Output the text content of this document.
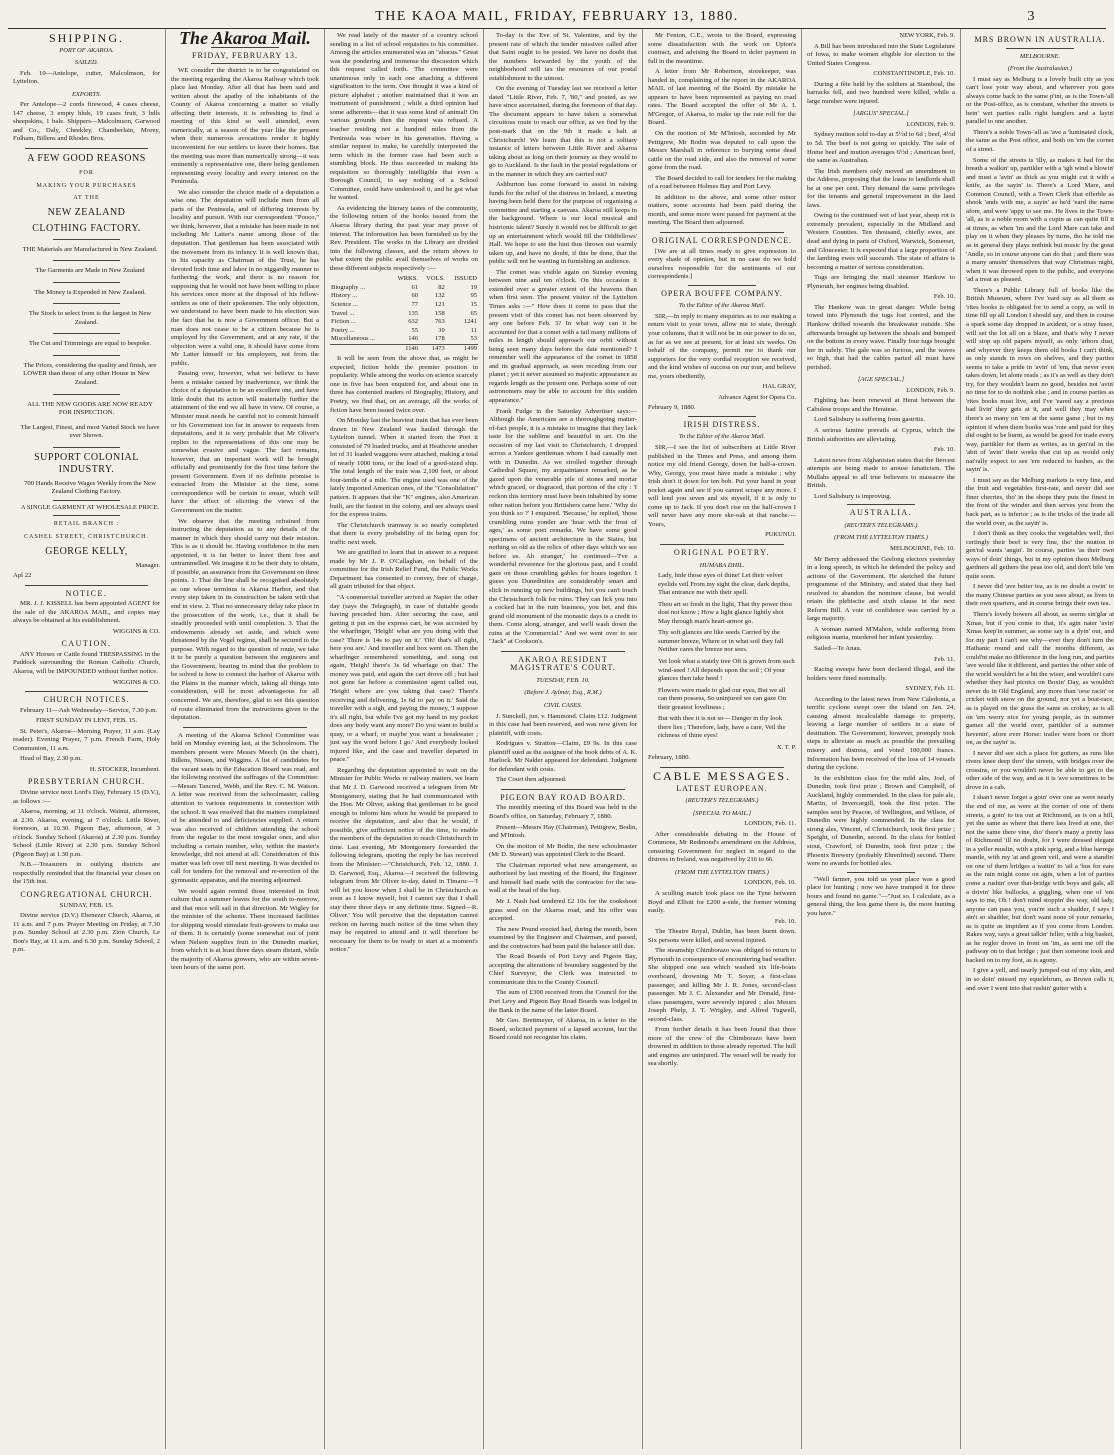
THE KAOA MAIL, FRIDAY, FEBRUARY 13, 1880.	3
SHIPPING.
PORT OF AKAROA.
SAILED.

Feb. 10—Antelope, cutter, Malcolmson, for Lyttelton.

EXPORTS.

Per Antelope—2 cords firewood, 4 cases cheese, 147 cheese, 3 empty hhds, 19 cases fruit, 3 bdls sheepskins, 1 bale. Shippers—Malcolmson, Garwood and Co., Daly, Cheekley, Chamberlain, Morey, Fulham, Billens and Rhodes Bros.

A FEW GOOD REASONS
FOR
MAKING YOUR PURCHASES
AT THE
NEW ZEALAND
CLOTHING FACTORY.

THE Materials are Manufactured in New Zealand.

The Garments are Made in New Zealand

The Money is Expended in New Zealand.

The Stock to select from is the largest in New Zealand.

The Cut and Trimmings are equal to bespoke.

The Prices, considering the quality and finish, are LOWER than those of any other House in New Zealand.

ALL THE NEW GOODS ARE NOW READY FOR INSPECTION.

The Largest, Finest, and most Varied Stock we have ever Shown.

SUPPORT COLONIAL INDUSTRY.

700 Hands Receive Wages Weekly from the New Zealand Clothing Factory.

A SINGLE GARMENT AT WHOLESALE PRICE.

RETAIL BRANCH :
CASHEL STREET, CHRISTCHURCH.
GEORGE KELLY,

Manager.

Apl 22

NOTICE.

MR. J. J. KISSELL has been appointed AGENT for the sale of the AKAROA MAIL, and copies may always be obtained at his establishment.

WIGGINS & CO.

CAUTION.

ANY Horses or Cattle found TRESPASSING in the Paddock surrounding the Roman Catholic Church, Akaroa, will be IMPOUNDED without further notice.

WIGGINS & CO.

CHURCH NOTICES.

February 11—Ash Wednesday—Service, 7.30 p.m.

FIRST SUNDAY IN LENT, FEB. 15.

St. Peter's, Akaroa—Morning Prayer, 11 a.m. (Lay reader). Evening Prayer, 7 p.m. French Farm, Holy Communion, 11 a.m.

Head of Bay, 2.30 p.m.

H. STOCKER, Incumbent.

PRESBYTERIAN CHURCH.

Divine service next Lord's Day, February 15 (D.V.), as follows :—

Akaroa, morning, at 11 o'clock. Wainui, afternoon, at 2.30. Akaroa, evening, at 7 o'clock. Little River, forenoon, at 10.30. Pigeon Bay, afternoon, at 3 o'clock. Sunday School (Akaroa) at 2.30 p.m. Sunday School (Little River) at 2.30 p.m. Sunday School (Pigeon Bay) at 1.30 p.m.

N.B.—Treasurers in outlying districts are respectfully reminded that the financial year closes on the 15th inst.

CONGREGATIONAL CHURCH.

SUNDAY, FEB. 15.

Divine service (D.V.) Ebenezer Church, Akaroa, at 11 a.m. and 7 p.m. Prayer Meeting on Friday, at 7.30 p.m. Sunday School at 2.30 p.m. Zion Church, Le Bon's Bay, at 11 a.m. and 6.30 p.m. Sunday School, 2 p.m.

The Akaroa Mail.
FRIDAY, FEBRUARY 13.

WE consider the district is to be congratulated on the meeting regarding the Akaroa Railway which took place last Monday. After all that has been said and written about the apathy of the inhabitants of the County of Akaroa concerning a matter so vitally affecting their interests, it is refreshing to find a meeting of this kind so well attended, even numerically, at a season of the year like the present when their numerous avocations render it highly inconvenient for our settlers to leave their homes. But the meeting was more than numerically strong—it was eminently a representative one, there being gentlemen representing every locality and every interest on the Peninsula.

We also consider the choice made of a deputation a wise one. The deputation will include men from all parts of the Peninsula, and of differing interests by locality and pursuit. With our correspondent "Pooco," we think, however, that a mistake has been made in not including Mr Latter's name among those of the deputation. That gentleman has been associated with the movement from its infancy. It is well known that, in his capacity as Chairman of the Trust, he has devoted both time and labor in no niggardly manner to furthering the work, and there is no reason for supposing that he would not have been willing to place his services once more at the disposal of his fellow-settlers as one of their spokesmen. The only objection, we understand to have been made to his election was the fact that he is now a Government officer. But a man does not cease to be a citizen because he is employed by the Government, and at any rate, if the objection were a valid one, it should have come from Mr Latter himself or his employers, not from the public.

Passing over, however, what we believe to have been a mistake caused by inadvertence, we think the choice of a deputation to be an excellent one, and have little doubt that its action will materially further the attainment of the end we all have in view. Of course, a Minister must needs be careful not to commit himself or his Government too far in answer to requests from deputations, and it is very probable that Mr Oliver's replies to the representations of this one may be somewhat evasive and vague. The fact remains, however, that an important work will be brought officially and prominently for the first time before the present Government. Even if no definite promise is extracted from the Minister at the time, some correspondence will be certain to ensue, which will have the effect of eliciting the views of the Government on the matter.

We observe that the meeting refrained from instructing the deputation as to any details of the manner in which they should carry out their mission. This is as it should be. Having confidence in the men appointed, it is far better to leave them free and untrammelled. We imagine it to be their duty to obtain, if possible, an assurance from the Government on three points. 1. That the line shall be recognised absolutely as one whose terminus is Akaroa Harbor, and that every step taken in its construction be taken with that end in view. 2. That no unnecessary delay take place in the prosecution of the work, i.e., that it shall be steadily proceeded with until completion. 3. That the endowments already set aside, and which were threatened by the Vogel regime, shall be secured to the purpose. With regard to the question of route, we take it to be purely a question between the engineers and the Government, bearing in mind that the problem to be solved is how to connect the harbor of Akaroa with the Plains in the manner which, taking all things into consideration, will be most advantageous for all concerned. We are, therefore, glad to see this question of route eliminated from the instructions given to the deputation.

A meeting of the Akaroa School Committee was held on Monday evening last, at the Schoolroom. The members present were Messrs Meech (in the chair), Billens, Nissen, and Wiggins. A list of candidates for the vacant seats in the Education Board was read, and the following received the suffrages of the Committee:—Messrs Tancred, Webb, and the Rev. C. M. Watson. A letter was received from the schoolmaster, calling attention to various requirements in connection with the school. It was resolved that the matters complained of be attended to and deficiencies supplied. A return was also received of children attending the school from the regular to the most irregular ones, and also including a certain number, who, within the master's knowledge, did not attend at all. Consideration of this matter was left over till next meeting. It was decided to call for tenders for the removal and re-erection of the gymnastic apparatus, and the meeting adjourned.

We would again remind those interested in fruit culture that a summer leaves for the south to-morrow, and that once will sail in that direction. Mr Wigley for the minister of the scheme. There increased facilities for shipping would stimulate fruit-growers to make use of them. It is certainly (some somewhat out of joint when Nelson supplies fruit to the Dunedin market, from which it is at least three days steam distant, while the majority of Akaroa growers, who are within seven-teen hours of the same port.

We read lately of the master of a country school sending in a list of school requisites to his committee. Among the articles enumerated was an "abacus." Great was the pondering and immense the discussion which this request called forth. The committee were unanimous only in each one attaching a different signification to the term. One thought it was a kind of picture alphabet ; another maintained that it was an instrument of punishment ; while a third opinion had some adherents—that it was some kind of animal! On various grounds then the request was refused. A teacher residing not a hundred miles from the Peninsula was wiser in his generation. Having a similar request to make, he carefully interpreted the term which in the former case had been such a stumbling block. He thus succeeded in making his requisition so thoroughly intelligible that even a Borough Council, to say nothing of a School Committee, could have understood it, and he got what he wanted.

As evidencing the literary tastes of the community, the following return of the books issued from the Akaroa library during the past year may prove of interest. The information has been furnished us by the Rev. President. The works in the Library are divided into the following classes, and the return shows to what extent the public avail themselves of works on these different subjects respectively :—

	WRKS.	VOLS.	ISSUED
Biography ...	61	82	19
History ...	60	132	95
Science ...	77	121	15
Travel ...	135	158	65
Fiction ...	632	763	1241
Poetry ...	55	39	11
Miscellaneous ...	146	178	53
	1146	1473	1499

It will be seen from the above that, as might be expected, fiction holds the premier position in popularity. While among the works on science scarcely one in five has been enquired for, and about one in three has contented readers of Biography, History, and Poetry, we find that, on an average, all the works of fiction have been issued twice over.

On Monday last the heaviest train that has ever been drawn in New Zealand was hauled through the Lyttelton tunnel. When it started from the Port it consisted of 79 loaded trucks, and at Heathcote another lot of 31 loaded waggons were attached, making a total of nearly 1000 tons, or the load of a good-sized ship. The total length of the train was 2,100 feet, or about four-tenths of a mile. The engine used was one of the lately imported American ones, of the "Consolidation" pattern. It appears that the "K" engines, also American built, are the fastest in the colony, and are always used for the express trains.

The Christchurch tramway is so nearly completed that there is every probability of its being open for traffic next week.

We are gratified to learn that in answer to a request made by Mr J. P. O'Callaghan, on behalf of the committee for the Irish Relief Fund, the Public Works Department has consented to convey, free of charge, all grain tributed for that object.

"A commercial traveller arrived at Napier the other day (says the Telegraph), in case of dutiable goods having preceded him. After securing the case, and getting it put on the express cart, he was accosted by the wharfinger, 'Heigh! what are you doing with that case? There is 14s to pay on it.' 'Oh! that's all right, here you are.' And traveller and box went on. Then the wharfinger remembered something, and sung out again, 'Heigh! there's 3s 6d wharfage on that.' The money was paid, and again the cart drove off ; but had not gone far before a commission agent called out, 'Heigh! where are you taking that case? There's receiving and delivering, 1s 6d to pay on it.' Said the traveller with a sigh, and paying the money, 'I suppose it's all right, but while I've got my hand in my pocket does any body want any more? Do you want to build a quay, or a wharf, or maybe you want a breakwater ; just say the word before I go.' And everybody looked injured like, and the case and traveller departed in peace."

Regarding the deputation appointed to wait on the Minister for Public Works re railway matters, we learn that Mr J. D. Garwood received a telegram from Mr Montgomery, stating that he had communicated with the Hon. Mr Oliver, asking that gentleman to be good enough to inform him when he would be prepared to receive the deputation, and also that he would, if possible, give sufficient notice of the time, to enable the members of the deputation to reach Christchurch in time. Last evening, Mr Montgomery forwarded the following telegram, quoting the reply he has received from the Minister:—"Christchurch, Feb. 12, 1880. J. D. Garwood, Esq., Akaroa.—I received the following telegram from Mr Oliver to-day, dated in Timaru:—'I will let you know when I shall be in Christchurch as soon as I know myself, but I cannot say that I shall stay there three days or any definite time. Signed—R. Oliver.' You will perceive that the deputation cannot reckon on having much notice of the time when they may be required to attend and it will therefore be necessary for them to be ready to start at a moment's notice."

To-day is the Eve of St. Valentine, and by the present rate of which the tender missives called after that Saint ought to be posted. We have no doubt that the numbers forwarded by the youth of the neighborhood will tax the resources of our postal establishment to the utmost.

On the evening of Tuesday last we received a letter dated "Little River, Feb. 7, '80," and posted, as we have since ascertained, during the forenoon of that day. The document appears to have taken a somewhat circuitous route to reach our office, as we find by the post-mark that on the 9th it made a halt at Christchurch! We learn that this is not a solitary instance of letters between Little River and Akaroa taking about as long on their journey as they would to go to Auckland. Is the fault in the postal regulations or in the manner in which they are carried out?

Ashburton has come forward to assist in raising funds for the relief of the distress in Ireland, a meeting having been held there for the purpose of organising a committee and starting a canvass. Akaroa still keeps in the background. Where is our local musical and histrionic talent? Surely it would not be difficult to get up an entertainment which would fill the Oddfellows' Hall. We hope to see the hint thus thrown out warmly taken up, and have no doubt, if this be done, that the public will not be wanting in furnishing an audience.

The comet was visible again on Sunday evening between nine and ten o'clock. On this occasion it extended over a greater extent of the heavens than when first seen. The present visitor of the Lyttelton Times asks :—" How does it come to pass that the present visit of this comet has not been observed by any one before Feb. 3? In what way can it be accounted for that a comet with a tail many millions of miles in length should approach our orbit without being seen many days before the date mentioned? I remember well the appearance of the comet in 1858 and its gradual approach, as seen receding from our planet ; yet it never assumed so majestic appearance as regards length as the present one. Perhaps some of our astronomers may be able to account for this sudden appearance."

Frank Fudge in the Saturday Advertiser says:—Although the Americans are a thoroughgoing matter-of-fact people, it is a mistake to imagine that they lack taste for the sublime and beautiful in art. On the occasion of my last visit to Christchurch, I dropped across a Yankee gentleman whom I had casually met with in Dunedin. As we strolled together through Cathedral Square, my acquaintance remarked, as he gazed upon the venerable pile of stones and mortar which graced, or disgraced, that portion of the city : 'I reckon this territory must have been inhabited by some other nation before you Britishers came here.' 'Why do you think so ?' I enquired. 'Because,' he replied, 'those crumbling ruins yonder are 'hoar with the frost of ages,' as some poet remarks. We have some good specimens of ancient architecture in the States, but nothing so old as the relics of other days which we see before us. Ah stranger,' he continued—'I've a wonderful reverence for the glorious past, and I could gaze on those crumbling gables for hours together. I guess you Dunedinites are considerably smart and slick in running up new buildings, but you can't touch the Christchurch folk for ruins. They can lick you into a cocked hat in the ruin business, you bet, and this grand old monument of the monastic days is a credit to them. Come along, stranger, and we'll wash down the ruins at the 'Commercial.'' And we went over to see "Jack" at Cookson's.

AKAROA RESIDENT MAGISTRATE'S COURT.
TUESDAY, FEB. 10.
(Before J. Aylmer, Esq., R.M.)
CIVIL CASES.

J. Sunckell, jun. v. Hammond. Claim £12. Judgment in this case had been reserved, and was now given for plaintiff, with costs.

Rodrigues v. Stratton—Claim, £9 9s. In this case plaintiff sued as the assignee of the book debts of A. K. Harlock. Mr Nalder appeared for defendant. Judgment for defendant with costs.

The Court then adjourned.

PIGEON BAY ROAD BOARD.

The monthly meeting of this Board was held in the Board's office, on Saturday, February 7, 1880.

Present—Messrs Hay (Chairman), Pettigrew, Bodin, and M'Intosh.

On the motion of Mr Bodin, the new schoolmaster (Mr D. Stewart) was appointed Clerk to the Board.

The Chairman reported what new arrangement, as authorised by last meeting of the Board, the Engineer and himself had made with the contractor for the sea-wall at the head of the bay.

Mr J. Nash had tendered £2 10s for the cookshoot grass seed on the Akaroa road, and his offer was accepted.

The new Pound erected had, during the month, been examined by the Engineer and Chairman, and passed, and the contractors had been paid the balance still due.

The Road Boards of Port Levy and Pigeon Bay, accepting the alterations of boundary suggested by the Chief Surveyor, the Clerk was instructed to communicate this to the County Council.

The sum of £300 received from the Council for the Port Levy and Pigeon Bay Road Boards was lodged in the Bank in the name of the latter Board.

Mr Geo. Brettmeyer, of Akaroa, in a letter to the Board, solicited payment of a lapsed account, but the Board could not recognise his claim.

Mr Fenton, C.E., wrote to the Board, expressing some dissatisfaction with the work on Upton's contract, and advising the Board to defer payment in full in the meantime.

A letter from Mr Robertson, storekeeper, was handed in, complaining of the report in the AKAROA MAIL of last meeting of the Board. By mistake he appears to have been represented as paying no road rates. The Board accepted the offer of Mr A. I. M'Gregor, of Akaroa, to make up the rate roll for the Board.

On the motion of Mr M'Intosh, seconded by Mr Pettigrew, Mr Bodin was deputed to call upon the Messrs Marshall in reference to burying some dead cattle on the road side, and also the removal of some gorse from the road.

The Board decided to call for tenders for the making of a road between Holmes Bay and Port Levy.

In addition to the above, and some other minor matters, some accounts had been paid during the month, and some more were passed for payment at the meeting. The Board then adjourned.

ORIGINAL CORRESPONDENCE.

[We are at all times ready to give expression to every shade of opinion, but in no case do we hold ourselves responsible for the sentiments of our correspondents.]

OPERA BOUFFE COMPANY.
To the Editor of the Akaroa Mail.

SIR,—In reply to many enquiries as to our making a return visit to your town, allow me to state, through your columns, that it will not be in our power to do so, as far as we see at present, for at least six weeks. On behalf of the company, permit me to thank our supporters for the very cordial reception we received, and the kind wishes of success on our tour, and believe me, yours obediently,

HAL GRAY,

Advance Agent for Opera Co.

February 9, 1880.

IRISH DISTRESS.
To the Editor of the Akaroa Mail.

SIR,—I see the list of subscribers at Little River published in the Times and Press, and among them notice my old friend Georgy, down for half-a-crown. Why, Georgy, you must have made a mistake ; why Irish don't it down for ten bob. Put your hand in your pocket again and see if you cannot scrape any more. I will lend you seven and six myself, if it is only to come up to Jack. If you don't rise on the half-crown I will never have any more ske-oak at that ranche.—Yours,

PUKUNUI.

ORIGINAL POETRY.
HUMABA DHIL.

Lady, hide those eyes of thine! Let their velvet eyelids veil From my sight the clear, dark depths, That entrance me with their spell.

Thou art so fresh in the light, That thy power thou dost not know ; How a light glance lightly shot May through man's heart-armor go.

Thy soft glances are like seeds Carried by the summer breeze, Where or in what soil they fall Neither cares the breeze nor sees.

Yet look what a stately tree Oft is grown from such wind-seed ! All depends upon the soil ; Of your glances then take heed !

Flowers were made to glad our eyes, But we all can them possess, So uninjured we can gaze On their greatest loveliness ;

But with thee it is not so— Danger in thy look there lies ; Therefore, lady, have a care, Veil the richness of thine eyes!

X. T. P.

February, 1880.

CABLE MESSAGES.
LATEST EUROPEAN.
(REUTER'S TELEGRAMS.)
[SPECIAL TO MAIL.]

LONDON, Feb. 11.

After considerable debating in the House of Commons, Mr Redmond's amendment on the Address, censuring Government for neglect in regard to the distress in Ireland, was negatived by 216 to 66.

(FROM THE LYTTELTON TIMES.)

LONDON, Feb. 10.

A sculling match took place on the Tyne between Boyd and Elliott for £200 a-side, the former winning easily.

Feb. 10.

The Theatre Royal, Dublin, has been burnt down. Six persons were killed, and several injured.

The steamship Chimborazo was obliged to return to Plymouth in consequence of encountering bad weather. She shipped one sea which washed six life-boats overboard, drowning Mr T. Soyer, a first-class passenger, and killing Mr J. R. Jones, second-class passenger. Mr J. C. Alexander and Mr Donald, first-class passengers, were severely injured ; also Messrs Joseph Phelp, J. T. Wrigley, and Alfred Tugwell, second-class.

From further details it has been found that three more of the crew of the Chimborazo have been drowned in addition to those already reported. The hull and engines are uninjured. The vessel will be ready for sea shortly.

NEW YORK, Feb. 9.

A Bill has been introduced into the State Legislature of Iowa, to make women eligible for election to the United States Congress.

CONSTANTINOPLE, Feb. 10.

During a fête held by the soldiers at Stamboul, the barracks fell, and two hundred were killed, while a large number were injured.

[ARGUS' SPECIAL.]

LONDON, Feb. 9.

Sydney mutton sold to-day at 5½d to 6d ; beef, 4½d to 5d. The beef is not going so quickly. The sale of Home beef and mutton averages 6½d ; American beef, the same as Australian.

The Irish members only moved an amendment to the Address, proposing that the loans to landlords shall be at one per cent. They demand the same privileges for the tenants and general improvement in the land laws.

Owing to the continued wet of last year, sheep rot is extremely prevalent, especially in the Midland and Western Counties. Ten thousand, chiefly ewes, are dead and dying in parts of Oxford, Warwick, Somerset, and Gloucester. It is expected that a large proportion of the lambing ewes will succumb. The state of affairs is becoming a matter of serious consideration.

Tugs are bringing the mail steamer Hankow to Plymouth, her engines being disabled.

Feb. 10.

The Hankow was in great danger. While being towed into Plymouth the tugs lost control, and the Hankow drifted towards the breakwater outside. She afterwards brought up between the shoals and bumped on the bottom in every wave. Finally four tugs brought her in safely. The gale was so furious, and the waves so high, that had the cables parted all must have perished.

[AGE SPECIAL.]

LONDON, Feb. 9.

Fighting has been renewed at Herat between the Cabulese troops and the Heratese.

Lord Salisbury is suffering from gastritis.

A serious famine prevails at Cyprus, which the British authorities are alleviating.

Feb. 10.

Latest news from Afghanistan states that the fiercest attempts are being made to arouse fanaticism. The Mullahs appeal to all true believers to massacre the British.

Lord Salisbury is improving.

AUSTRALIA.
(REUTER'S TELEGRAMS.)
(FROM THE LYTTELTON TIMES.)

MELBOURNE, Feb. 10.

Mr Berry addressed the Geelong electors yesterday in a long speech, in which he defended the policy and actions of the Government. He sketched the future programme of the Ministry, and stated that they had resolved to abandon the nominee clause, but would retain the plebiscite and sixth clause in the next Reform Bill. A vote of confidence was carried by a large majority.

A woman named M'Mahon, while suffering from religious mania, murdered her infant yesterday.

Sailed—Te Anau.

Feb. 11.

Racing sweeps have been declared illegal, and the holders were fined nominally.

SYDNEY, Feb. 11.

According to the latest news from New Caledonia, a terrific cyclone swept over the island on Jan. 24, causing almost incalculable damage to property, leaving a large number of settlers in a state of destitution. The Government, however, promptly took steps to alleviate as much as possible the prevailing misery and distress, and voted 100,000 francs. Information has been received of the loss of 14 vessels during the cyclone.

In the exhibition class for the mild ales, Joel, of Dunedin, took first prize ; Brown and Campbell, of Auckland, highly commended. In the class for pale ale, Martin, of Invercargill, took the first prize. The samples sent by Peacoe, of Wellington, and Wilson, of Dunedin were highly commended. In the class for strong ales, Vincent, of Christchurch, took first prize ; Speight, of Dunedin, second. In the class for bottled stout, Crawford, of Dunedin, took first prize ; the Phoenix Brewery (probably Ehrenfried) second. There were no awards for bottled ales.

"Well farmer, you told us your place was a good place for hunting ; now we have tramped it for three hours and found no game."—"Just so. I calculate, as a general thing, the less game there is, the more hunting you have."

MRS BROWN IN AUSTRALIA.
MELBOURNE.
(From the Australasian.)

I must say as Melburg is a lovely built city as you can't lose your way about, and wherever you goes always come back to the same p'int, as is the Town-'all or the Post-office, as is constant, whether the streets is bein' wet parties calls right hanglers and a layin' parallel to one another.

There's a noble Town-'all as 'ave a 'luminated clock, the same as the Post office, and both on 'em the corner of a street.

Some of the streets is 'illy, as makes it bad for the breath a walkin' up, partikler with a 'igh wind a blowin' and must a 'avin' as thick as you might cut it with a knife, as the sayin' is. There's a Lord Mare, and Common Council, with a Town Clerk that efferble as shook 'ands with me, a sayin' as he'd 'eard the name afore, and were 'appy to see me. He lives in the Town-'all, as is a noble room with a cupin as can quite fill it at times, as when 'im and the Lord Mare can take and play on it when they pleases by turns, tho he told me as in general they plays nothink but music by the great 'Andle, so in course anyone can do that ; and there was a many anusin' themselves that way Christmas night, when it was throwed open to the public, and everyone 'ad a treat as pleased.

There's a Public Library full of books like the British Museum, where I've 'eard say as all them as 'rites books is obligated for to send a copy, as will in time fill up all London I should say, and then in course a spark some day dropped in axident, or a stray fusee, will set the lot all on a blaze, and that's why I never will stop up old papers myself, as only 'arbors dust, and whyever they keeps them old books I can't think, as only stands in rows on shelves, and they parties seems to take a pride in 'avin' of 'em, that never even takes down, let alone reads ; as it's as well as they don't try, for they wouldn't learn no good, besides not 'avin' no time for to do nothink else ; and in course parties as 'rites books must live, and I've 'eared say a precious bad livin' they gets at it, and well they may when there's so many on 'em at the same game ; but in my opinion if when them books was 'rote and paid for they did ought to be burnt, as would be good for trade every way, partikler for them as writes, as in gen'ral in the 'abit of 'avin' their works that cut up as would only nat'rally expect to see 'em reduced to hashes, as the sayin' is.

I must say as the Melburg markets is very fine, and the fruit and vegetables first-rate, and never did see finer cherries, tho' in the shops they puts the finest in the front of the winder and then serves you from the back part, as is inferior ; as is the tricks of the trade all the world over, as the sayin' is.

I don't think as they cooks the vegetables well, tho' certingly their beef is very fine, tho' the mutton in gen'ral wants 'angin'. In course, parties 'as their own ways of doin' things, but in my opinion them Melburg gardners all gethers the peas too old, and don't bile 'em quite soon.

I never did 'ave better tea, as is no doubt a owin' to the many Chinese parties as you sees about, as lives in their own quarters, and in course brings their own tea.

There's lovely bowers all about, as seems sin'glar at Xmas, but if you come to that, it's agin nater 'avin' Xmas keep'in summer, as some say is a dyin' out, and for my part I can't see why—ever they don't turn the Hathanic round and call the months different, as could'nt make no difference in the long run, and parties 'ave would like it different, and parties the other side of the world wouldn't be a bit the wiser, and wouldn't care whether they had picnics on Boxin' Day, as wouldn't never do in Old England, any more than 'orse racin' or cricket with snow on the ground, nor yet a boat-race, as is played on the grass the same as crokey, as is all on 'em werry nice for young people, as in summer games all the world over, partikler of a summer hevenin', afore ever Horse: trailer were born or thort on, as the sayin' is.

I never did see sich a place for gutters, as runs like rivers knee deep thro' the streets, with bridges over the crossins, or you wouldn't never be able to get to the other side of the way, and as it is 'ave sometimes to be drove in a cab.

I shan't never forget a goin' over one as were nearly the end of me, as were at the corner of one of them streets, a goin' to tea out at Richmond, as is on a hill, yet the same as where that there lass lived at one, tho' not the same there vine, tho' there's many a pretty lass of Richmond 'ill no doubt, for I were dressed elegant in a yeller muslin, with a pink sprig, and a blue harrege mantle, with my 'at and green veil, and were a standin' on one of them bridges a waitin' to 'ail a 'bus for eare as the rain might come on agin, when a lot of parties come a rushin' over that-bridge with boys and gals, all a drivin' like bullocks, a giggling, when one of 'em says to me, Oh ! don't mind stoppin' the way, old lady, anyone can pass you, you're such a shadder, I says I ain't so shadder, but don't want none of your remarks, as is quite as impident as if you come from London. Rakes way, says a great talkin' feller, with a big basket, as he regler drove in front on 'im, as sent me off the pathway on to that bridge ; just then someone took and backed on to my foot, as is agony.

I give a yell, and nearly jumped out of my skin, and in so doin' missed my equelebrum, as Brown calls it, and over I went into that rushin' gutter with a
